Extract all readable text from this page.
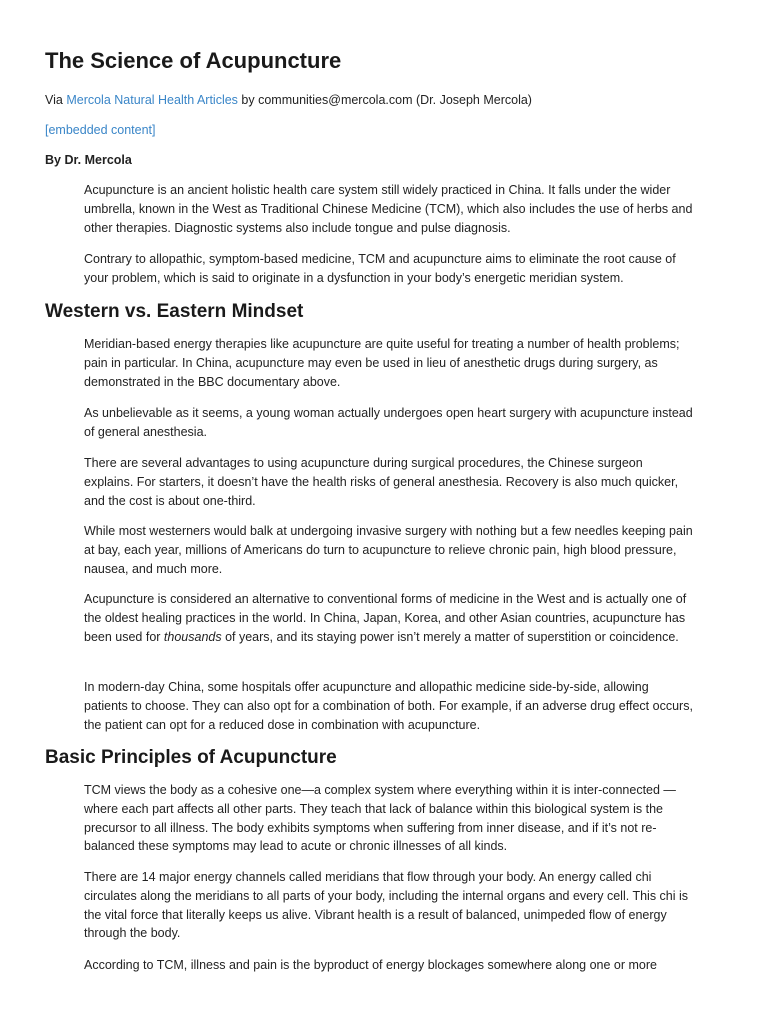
The Science of Acupuncture

Via Mercola Natural Health Articles by communities@mercola.com (Dr. Joseph Mercola)

[embedded content]

By Dr. Mercola

Acupuncture is an ancient holistic health care system still widely practiced in China. It falls under the wider umbrella, known in the West as Traditional Chinese Medicine (TCM), which also includes the use of herbs and other therapies. Diagnostic systems also include tongue and pulse diagnosis.

Contrary to allopathic, symptom-based medicine, TCM and acupuncture aims to eliminate the root cause of your problem, which is said to originate in a dysfunction in your body’s energetic meridian system.

Western vs. Eastern Mindset

Meridian-based energy therapies like acupuncture are quite useful for treating a number of health problems; pain in particular. In China, acupuncture may even be used in lieu of anesthetic drugs during surgery, as demonstrated in the BBC documentary above.

As unbelievable as it seems, a young woman actually undergoes open heart surgery with acupuncture instead of general anesthesia.

There are several advantages to using acupuncture during surgical procedures, the Chinese surgeon explains. For starters, it doesn’t have the health risks of general anesthesia. Recovery is also much quicker, and the cost is about one-third.

While most westerners would balk at undergoing invasive surgery with nothing but a few needles keeping pain at bay, each year, millions of Americans do turn to acupuncture to relieve chronic pain, high blood pressure, nausea, and much more.

Acupuncture is considered an alternative to conventional forms of medicine in the West and is actually one of the oldest healing practices in the world. In China, Japan, Korea, and other Asian countries, acupuncture has been used for thousands of years, and its staying power isn’t merely a matter of superstition or coincidence.

In modern-day China, some hospitals offer acupuncture and allopathic medicine side-by-side, allowing patients to choose. They can also opt for a combination of both. For example, if an adverse drug effect occurs, the patient can opt for a reduced dose in combination with acupuncture.

Basic Principles of Acupuncture

TCM views the body as a cohesive one—a complex system where everything within it is inter-connected —where each part affects all other parts. They teach that lack of balance within this biological system is the precursor to all illness. The body exhibits symptoms when suffering from inner disease, and if it’s not re-balanced these symptoms may lead to acute or chronic illnesses of all kinds.

There are 14 major energy channels called meridians that flow through your body. An energy called chi circulates along the meridians to all parts of your body, including the internal organs and every cell. This chi is the vital force that literally keeps us alive. Vibrant health is a result of balanced, unimpeded flow of energy through the body.

According to TCM, illness and pain is the byproduct of energy blockages somewhere along one or more
